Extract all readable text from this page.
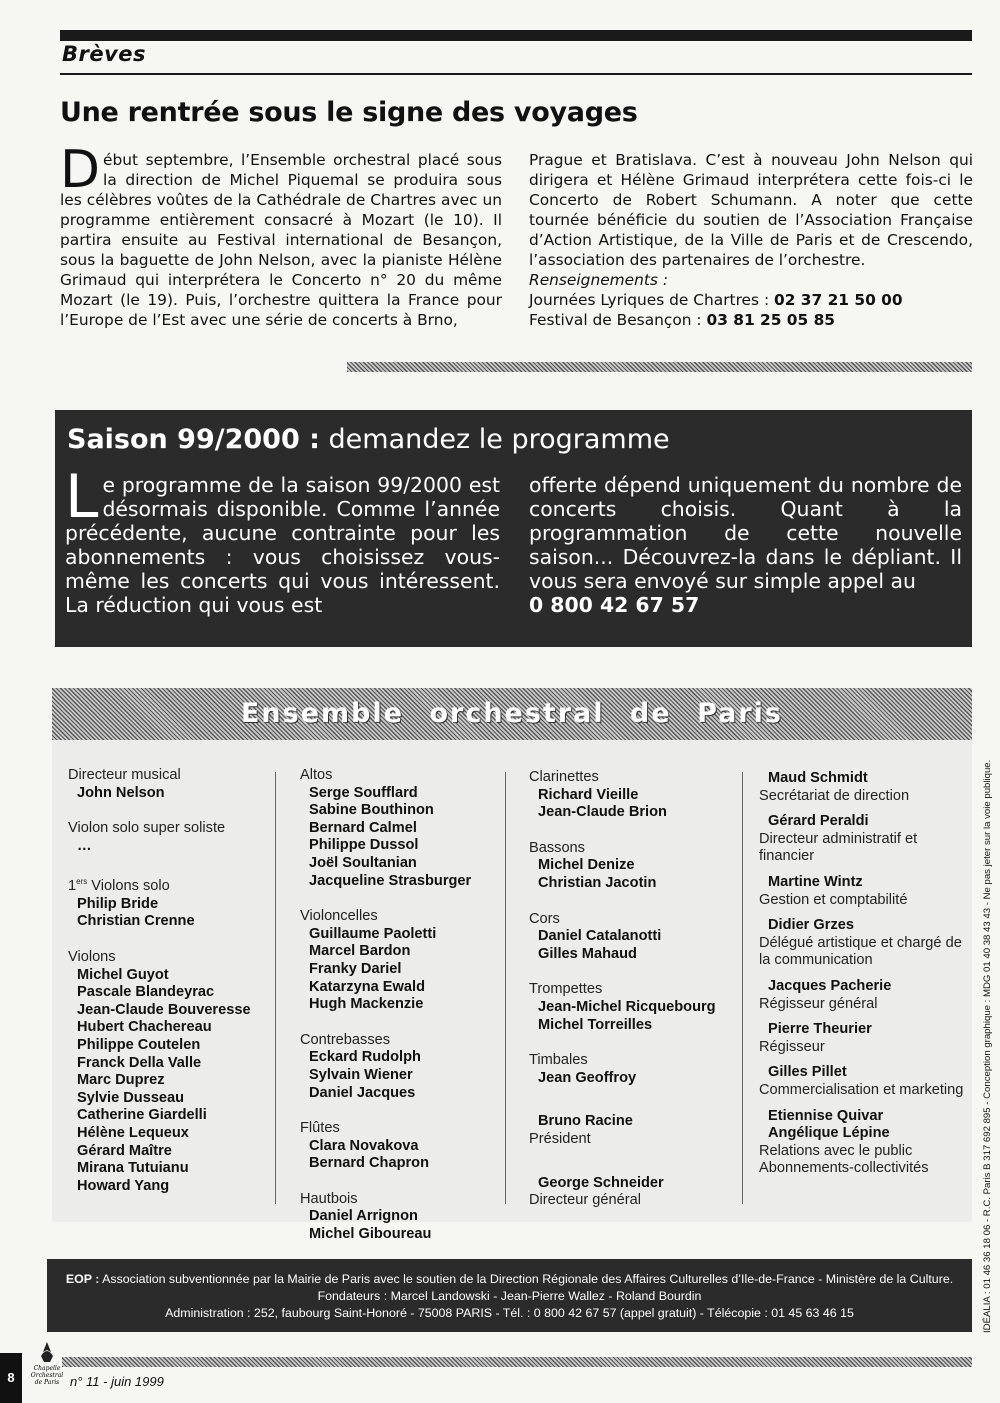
Brèves
Une rentrée sous le signe des voyages
Début septembre, l’Ensemble orchestral placé sous la direction de Michel Piquemal se produira sous les célèbres voûtes de la Cathédrale de Chartres avec un programme entièrement consacré à Mozart (le 10). Il partira ensuite au Festival international de Besançon, sous la baguette de John Nelson, avec la pianiste Hélène Grimaud qui interprétera le Concerto n° 20 du même Mozart (le 19). Puis, l’orchestre quittera la France pour l’Europe de l’Est avec une série de concerts à Brno,
Prague et Bratislava. C’est à nouveau John Nelson qui dirigera et Hélène Grimaud interprétera cette fois-ci le Concerto de Robert Schumann. A noter que cette tournée bénéficie du soutien de l’Association Française d’Action Artistique, de la Ville de Paris et de Crescendo, l’association des partenaires de l’orchestre.
Renseignements :
Journées Lyriques de Chartres : 02 37 21 50 00
Festival de Besançon : 03 81 25 05 85
Saison 99/2000 : demandez le programme
Le programme de la saison 99/2000 est désormais disponible. Comme l’année précédente, aucune contrainte pour les abonnements : vous choisissez vous-même les concerts qui vous intéressent. La réduction qui vous est
offerte dépend uniquement du nombre de concerts choisis. Quant à la programmation de cette nouvelle saison... Découvrez-la dans le dépliant. Il vous sera envoyé sur simple appel au
0 800 42 67 57
Ensemble orchestral de Paris
Directeur musical
John Nelson
Violon solo super soliste
…
1ers Violons solo
Philip Bride
Christian Crenne
Violons
Michel Guyot
Pascale Blandeyrac
Jean-Claude Bouveresse
Hubert Chachereau
Philippe Coutelen
Franck Della Valle
Marc Duprez
Sylvie Dusseau
Catherine Giardelli
Hélène Lequeux
Gérard Maître
Mirana Tutuianu
Howard Yang
Altos
Serge Soufflard
Sabine Bouthinon
Bernard Calmel
Philippe Dussol
Joël Soultanian
Jacqueline Strasburger
Violoncelles
Guillaume Paoletti
Marcel Bardon
Franky Dariel
Katarzyna Ewald
Hugh Mackenzie
Contrebasses
Eckard Rudolph
Sylvain Wiener
Daniel Jacques
Flûtes
Clara Novakova
Bernard Chapron
Hautbois
Daniel Arrignon
Michel Giboureau
Clarinettes
Richard Vieille
Jean-Claude Brion
Bassons
Michel Denize
Christian Jacotin
Cors
Daniel Catalanotti
Gilles Mahaud
Trompettes
Jean-Michel Ricquebourg
Michel Torreilles
Timbales
Jean Geoffroy
Bruno Racine
Président
George Schneider
Directeur général
Maud Schmidt
Secrétariat de direction
Gérard Peraldi
Directeur administratif et financier
Martine Wintz
Gestion et comptabilité
Didier Grzes
Délégué artistique et chargé de la communication
Jacques Pacherie
Régisseur général
Pierre Theurier
Régisseur
Gilles Pillet
Commercialisation et marketing
Etiennise Quivar
Angélique Lépine
Relations avec le public Abonnements-collectivités
EOP : Association subventionnée par la Mairie de Paris avec le soutien de la Direction Régionale des Affaires Culturelles d’Ile-de-France - Ministère de la Culture.
Fondateurs : Marcel Landowski - Jean-Pierre Wallez - Roland Bourdin
Administration : 252, faubourg Saint-Honoré - 75008 PARIS - Tél. : 0 800 42 67 57 (appel gratuit) - Télécopie : 01 45 63 46 15
8
Chapelle
Orchestral
de Paris n° 11 - juin 1999
IDÉALIA : 01 46 36 18 06 - R.C. Paris B 317 692 895 - Conception graphique : MDG 01 40 38 43 43 - Ne pas jeter sur la voie publique.
